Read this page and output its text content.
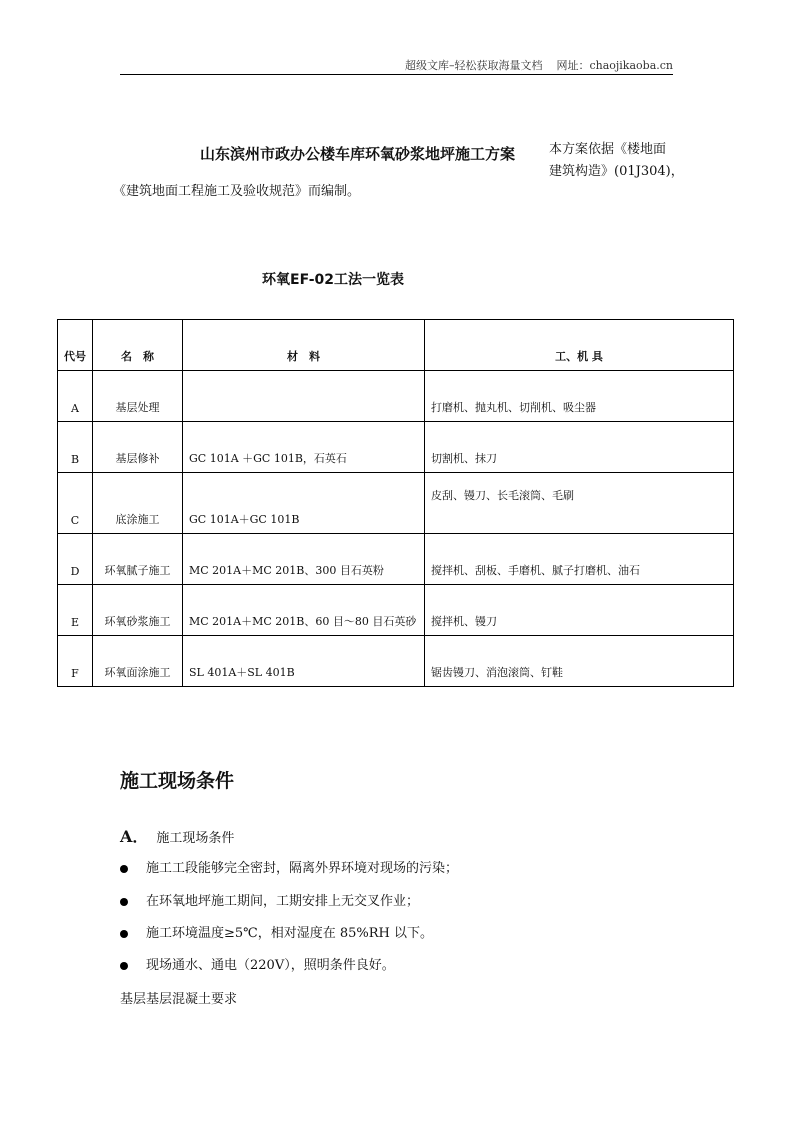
超级文库–轻松获取海量文档 网址：chaojikaoba.cn
山东滨州市政办公楼车库环氧砂浆地坪施工方案	本方案依据《楼地面
建筑构造》(01J304)，
《建筑地面工程施工及验收规范》而编制。
环氧EF-02工法一览表
代号	名　称	材　料	工、机 具
A	基层处理		打磨机、抛丸机、切削机、吸尘器
B	基层修补	GC 101A ＋GC 101B，石英石	切割机、抹刀
C	底涂施工	GC 101A＋GC 101B	皮刮、镘刀、长毛滚筒、毛刷
D	环氧腻子施工	MC 201A＋MC 201B、300 目石英粉	搅拌机、刮板、手磨机、腻子打磨机、油石
E	环氧砂浆施工	MC 201A＋MC 201B、60 目～80 目石英砂	搅拌机、镘刀
F	环氧面涂施工	SL 401A＋SL 401B	锯齿镘刀、消泡滚筒、钉鞋
施工现场条件
A． 施工现场条件
施工工段能够完全密封，隔离外界环境对现场的污染；
在环氧地坪施工期间，工期安排上无交叉作业；
施工环境温度≥5℃，相对湿度在 85%RH 以下。
现场通水、通电（220V），照明条件良好。
基层基层混凝土要求
